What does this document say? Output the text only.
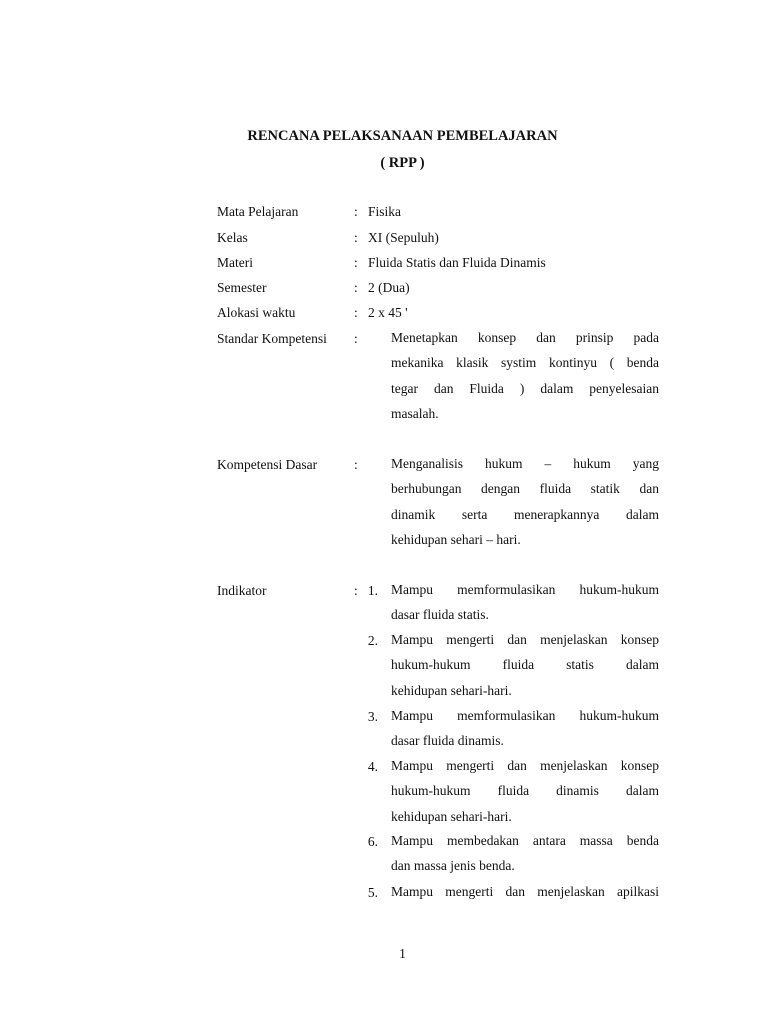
RENCANA PELAKSANAAN PEMBELAJARAN
( RPP )
Mata Pelajaran	: Fisika
Kelas	: XI (Sepuluh)
Materi	: Fluida Statis dan Fluida Dinamis
Semester	: 2 (Dua)
Alokasi waktu	: 2 x 45 '
Standar Kompetensi : Menetapkan konsep dan prinsip pada
mekanika klasik systim kontinyu ( benda
tegar dan Fluida ) dalam penyelesaian
masalah.
Kompetensi Dasar	: Menganalisis hukum – hukum yang
berhubungan dengan fluida statik dan
dinamik serta menerapkannya dalam
kehidupan sehari – hari.
Indikator	: 1. Mampu memformulasikan hukum-hukum
dasar fluida statis.
2. Mampu mengerti dan menjelaskan konsep
hukum-hukum fluida statis dalam
kehidupan sehari-hari.
3. Mampu memformulasikan hukum-hukum
dasar fluida dinamis.
4. Mampu mengerti dan menjelaskan konsep
hukum-hukum fluida dinamis dalam
kehidupan sehari-hari.
6. Mampu membedakan antara massa benda
dan massa jenis benda.
5. Mampu mengerti dan menjelaskan apilkasi
1
